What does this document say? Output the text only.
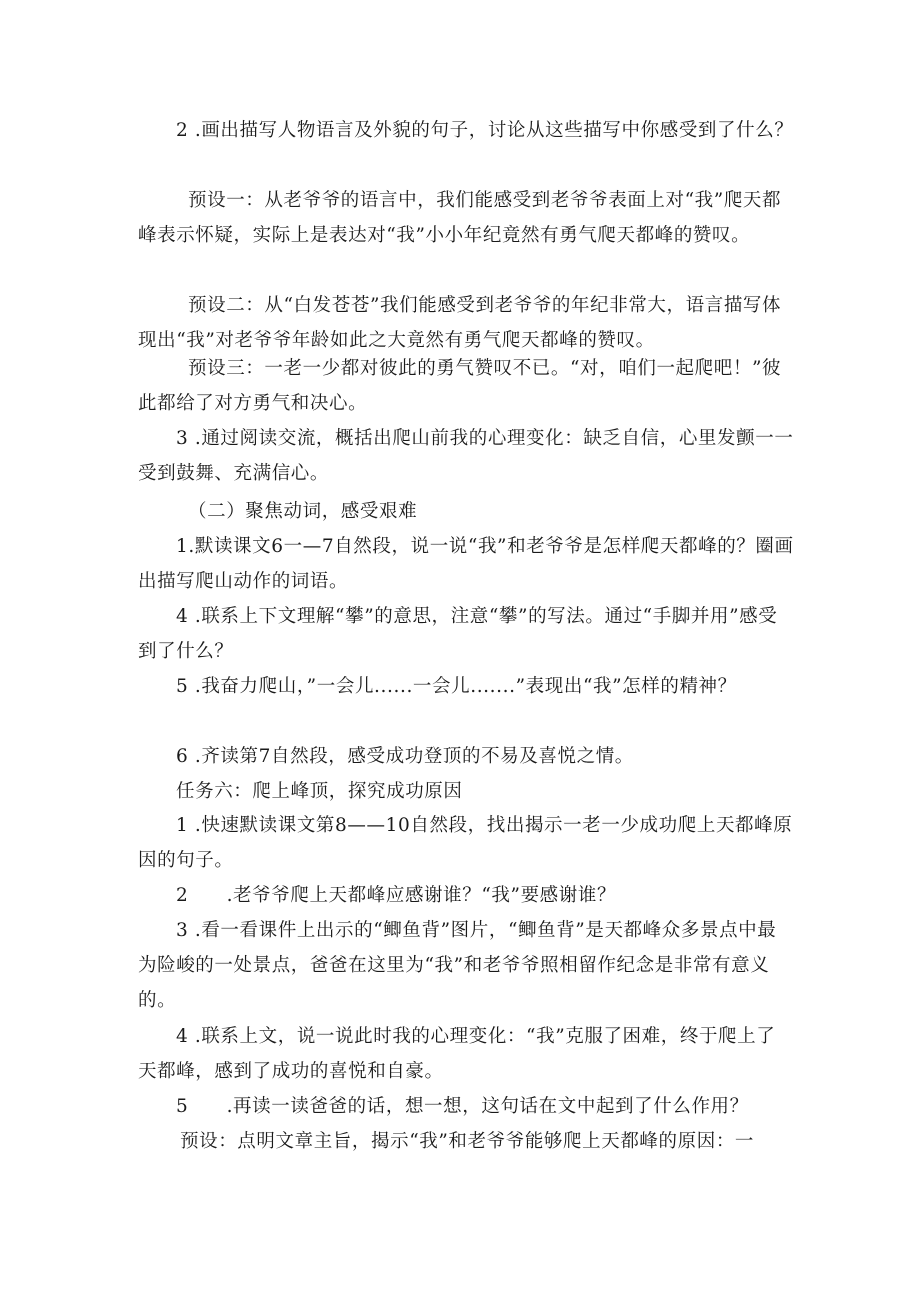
2 .画出描写人物语言及外貌的句子，讨论从这些描写中你感受到了什么？

预设一：从老爷爷的语言中，我们能感受到老爷爷表面上对“我”爬天都峰表示怀疑，实际上是表达对“我”小小年纪竟然有勇气爬天都峰的赞叹。

预设二：从“白发苍苍”我们能感受到老爷爷的年纪非常大，语言描写体现出“我”对老爷爷年龄如此之大竟然有勇气爬天都峰的赞叹。

预设三：一老一少都对彼此的勇气赞叹不已。“对，咱们一起爬吧！”彼此都给了对方勇气和决心。

3 .通过阅读交流，概括出爬山前我的心理变化：缺乏自信，心里发颤一一受到鼓舞、充满信心。

（二）聚焦动词，感受艰难

1.默读课文6一—7自然段，说一说“我”和老爷爷是怎样爬天都峰的？圈画出描写爬山动作的词语。

4 .联系上下文理解“攀”的意思，注意“攀”的写法。通过“手脚并用”感受到了什么？

5 .我奋力爬山，”一会儿......一会儿.......”表现出“我”怎样的精神？

6 .齐读第7自然段，感受成功登顶的不易及喜悦之情。

任务六：爬上峰顶，探究成功原因

1 .快速默读课文第8——10自然段，找出揭示一老一少成功爬上天都峰原因的句子。

2　　.老爷爷爬上天都峰应感谢谁？“我”要感谢谁？

3 .看一看课件上出示的“鲫鱼背”图片，“鲫鱼背”是天都峰众多景点中最为险峻的一处景点，爸爸在这里为“我”和老爷爷照相留作纪念是非常有意义的。

4 .联系上文，说一说此时我的心理变化：“我”克服了困难，终于爬上了天都峰，感到了成功的喜悦和自豪。

5　　.再读一读爸爸的话，想一想，这句话在文中起到了什么作用？

预设：点明文章主旨，揭示“我”和老爷爷能够爬上天都峰的原因：一
